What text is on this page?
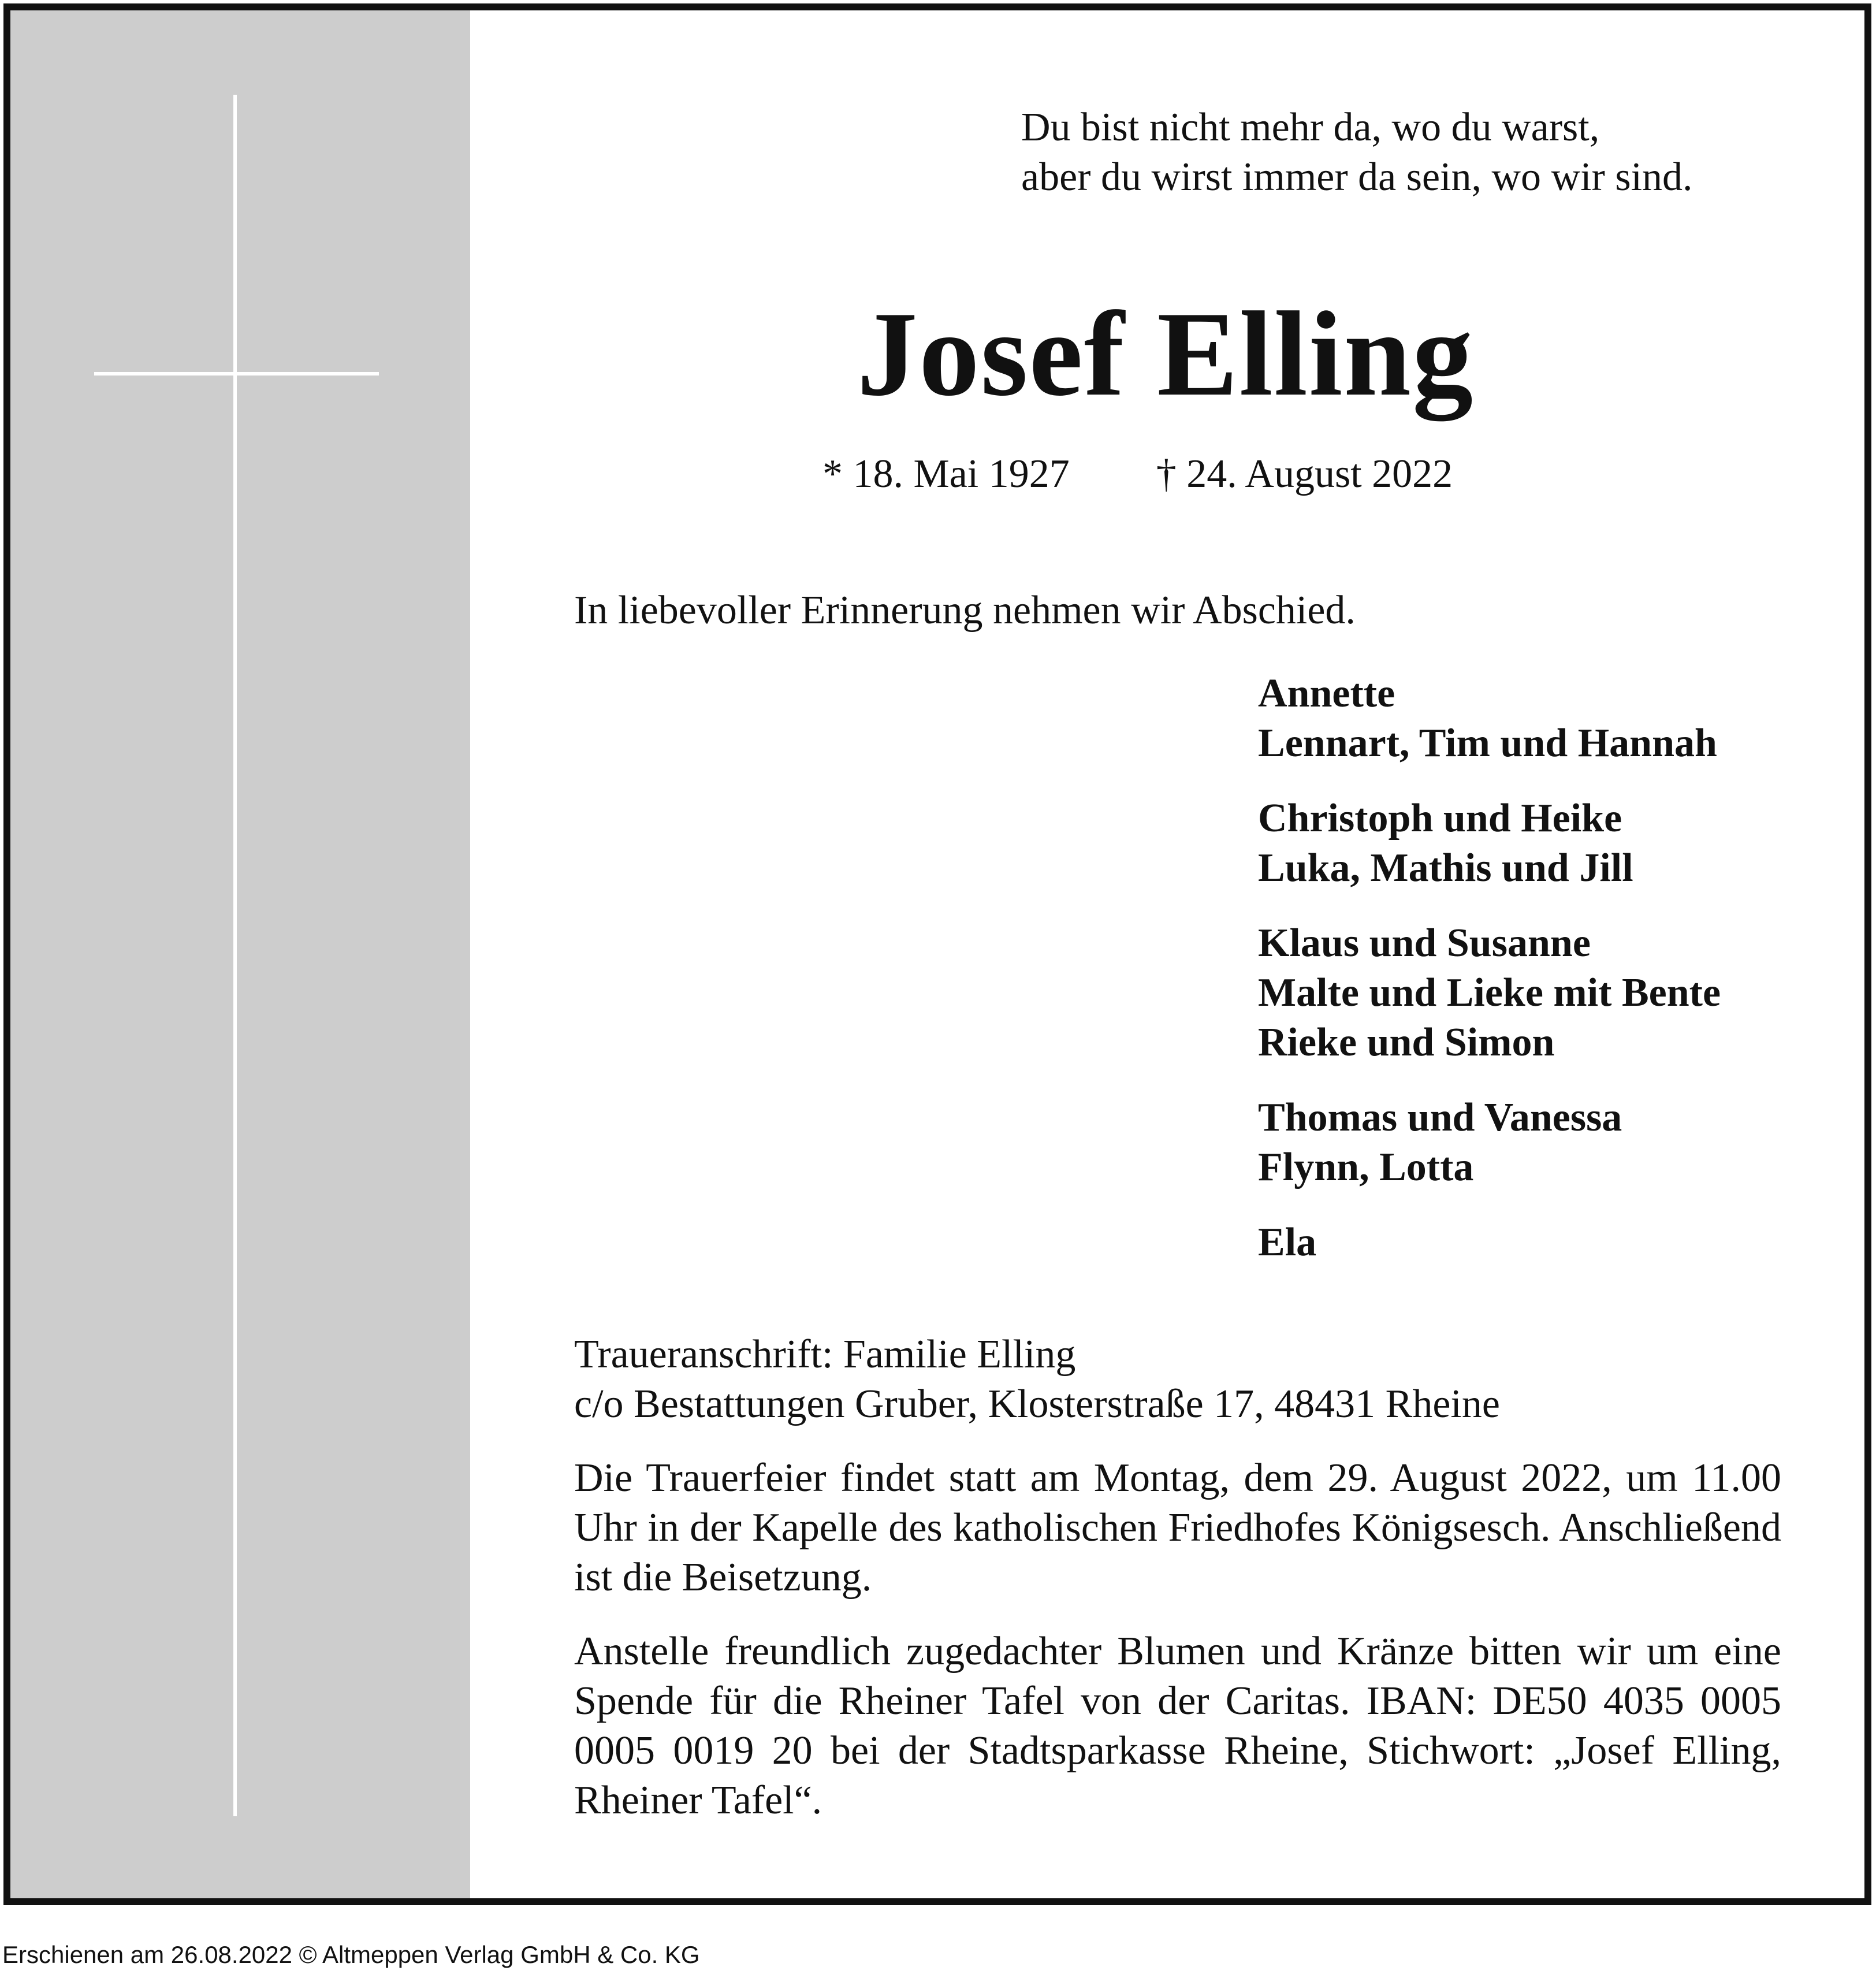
Du bist nicht mehr da, wo du warst,
aber du wirst immer da sein, wo wir sind.
Josef Elling
* 18. Mai 1927 † 24. August 2022
In liebevoller Erinnerung nehmen wir Abschied.
Annette
Lennart, Tim und Hannah
Christoph und Heike
Luka, Mathis und Jill
Klaus und Susanne
Malte und Lieke mit Bente
Rieke und Simon
Thomas und Vanessa
Flynn, Lotta
Ela
Traueranschrift: Familie Elling
c/o Bestattungen Gruber, Klosterstraße 17, 48431 Rheine
Die Trauerfeier findet statt am Montag, dem 29. August 2022, um 11.00 Uhr in der Kapelle des katholischen Friedhofes Königsesch. Anschließend ist die Beisetzung.
Anstelle freundlich zugedachter Blumen und Kränze bitten wir um eine Spende für die Rheiner Tafel von der Caritas. IBAN: DE50 4035 0005 0005 0019 20 bei der Stadtsparkasse Rheine, Stichwort: „Josef Elling, Rheiner Tafel“.
Erschienen am 26.08.2022 © Altmeppen Verlag GmbH & Co. KG
